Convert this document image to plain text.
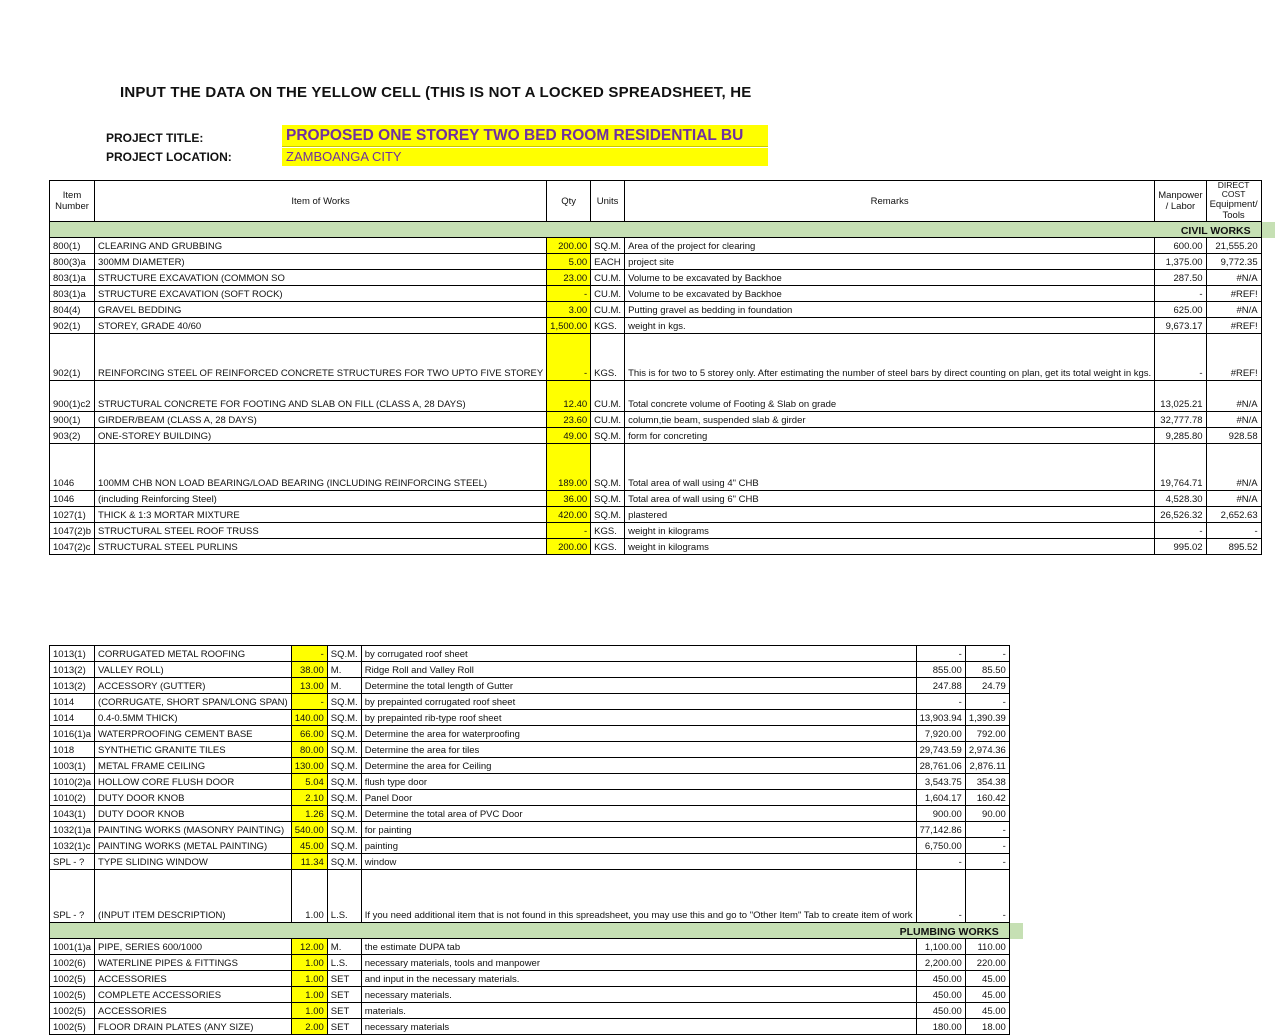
INPUT THE DATA ON THE YELLOW CELL (THIS IS NOT A LOCKED SPREADSHEET, HE
PROJECT TITLE:	PROPOSED ONE STOREY TWO BED ROOM RESIDENTIAL BU
PROJECT LOCATION:	ZAMBOANGA CITY
Item Number	Item of Works	Qty	Units	Remarks	Manpower / Labor	DIRECT COST
Equipment/ Tools	

CIVIL WORKS							
800(1)	CLEARING AND GRUBBING	200.00	SQ.M.	Area of the project for clearing	600.00	21,555.20	
800(3)a	300MM DIAMETER)	5.00	EACH	project site	1,375.00	9,772.35	
803(1)a	STRUCTURE EXCAVATION (COMMON SO	23.00	CU.M.	Volume to be excavated by Backhoe	287.50	#N/A	
803(1)a	STRUCTURE EXCAVATION (SOFT ROCK)	-	CU.M.	Volume to be excavated by Backhoe	-	#REF!	
804(4)	GRAVEL BEDDING	3.00	CU.M.	Putting gravel as bedding in foundation	625.00	#N/A	
902(1)	STOREY, GRADE 40/60	1,500.00	KGS.	weight in kgs.	9,673.17	#REF!	
902(1)	REINFORCING STEEL OF REINFORCED CONCRETE STRUCTURES FOR TWO UPTO FIVE STOREY	-	KGS.	This is for two to 5 storey only. After estimating the number of steel bars by direct counting on plan, get its total weight in kgs.	-	#REF!	
900(1)c2	STRUCTURAL CONCRETE FOR FOOTING AND SLAB ON FILL (CLASS A, 28 DAYS)	12.40	CU.M.	Total concrete volume of Footing & Slab on grade	13,025.21	#N/A	
900(1)	GIRDER/BEAM (CLASS A, 28 DAYS)	23.60	CU.M.	column,tie beam, suspended slab & girder	32,777.78	#N/A	
903(2)	ONE-STOREY BUILDING)	49.00	SQ.M.	form for concreting	9,285.80	928.58	
1046	100MM CHB NON LOAD BEARING/LOAD BEARING (INCLUDING REINFORCING STEEL)	189.00	SQ.M.	Total area of wall using 4" CHB	19,764.71	#N/A	
1046	(including Reinforcing Steel)	36.00	SQ.M.	Total area of wall using 6" CHB	4,528.30	#N/A	
1027(1)	THICK & 1:3 MORTAR MIXTURE	420.00	SQ.M.	plastered	26,526.32	2,652.63	
1047(2)b	STRUCTURAL STEEL ROOF TRUSS	-	KGS.	weight in kilograms	-	-	
1047(2)c	STRUCTURAL STEEL PURLINS	200.00	KGS.	weight in kilograms	995.02	895.52	
1013(1)	CORRUGATED METAL ROOFING	-	SQ.M.	by corrugated roof sheet	-	-	
1013(2)	VALLEY ROLL)	38.00	M.	Ridge Roll and Valley Roll	855.00	85.50	
1013(2)	ACCESSORY (GUTTER)	13.00	M.	Determine the total length of Gutter	247.88	24.79	
1014	(CORRUGATE, SHORT SPAN/LONG SPAN)	-	SQ.M.	by prepainted corrugated roof sheet	-	-	
1014	0.4-0.5MM THICK)	140.00	SQ.M.	by prepainted rib-type roof sheet	13,903.94	1,390.39	
1016(1)a	WATERPROOFING CEMENT BASE	66.00	SQ.M.	Determine the area for waterproofing	7,920.00	792.00	
1018	SYNTHETIC GRANITE TILES	80.00	SQ.M.	Determine the area for tiles	29,743.59	2,974.36	
1003(1)	METAL FRAME CEILING	130.00	SQ.M.	Determine the area for Ceiling	28,761.06	2,876.11	
1010(2)a	HOLLOW CORE FLUSH DOOR	5.04	SQ.M.	flush type door	3,543.75	354.38	
1010(2)	DUTY DOOR KNOB	2.10	SQ.M.	Panel Door	1,604.17	160.42	
1043(1)	DUTY DOOR KNOB	1.26	SQ.M.	Determine the total area of PVC Door	900.00	90.00	
1032(1)a	PAINTING WORKS (MASONRY PAINTING)	540.00	SQ.M.	for painting	77,142.86	-	
1032(1)c	PAINTING WORKS (METAL PAINTING)	45.00	SQ.M.	painting	6,750.00	-	
SPL - ?	TYPE SLIDING WINDOW	11.34	SQ.M.	window	-	-	
SPL - ?	(INPUT ITEM DESCRIPTION)	1.00	L.S.	If you need additional item that is not found in this spreadsheet, you may use this and go to "Other Item" Tab to create item of work	-	-	
PLUMBING WORKS							
1001(1)a	PIPE, SERIES 600/1000	12.00	M.	the estimate DUPA tab	1,100.00	110.00	
1002(6)	WATERLINE PIPES & FITTINGS	1.00	L.S.	necessary materials, tools and manpower	2,200.00	220.00	
1002(5)	ACCESSORIES	1.00	SET	and input in the necessary materials.	450.00	45.00	
1002(5)	COMPLETE ACCESSORIES	1.00	SET	necessary materials.	450.00	45.00	
1002(5)	ACCESSORIES	1.00	SET	materials.	450.00	45.00	
1002(5)	FLOOR DRAIN PLATES (ANY SIZE)	2.00	SET	necessary materials	180.00	18.00	
